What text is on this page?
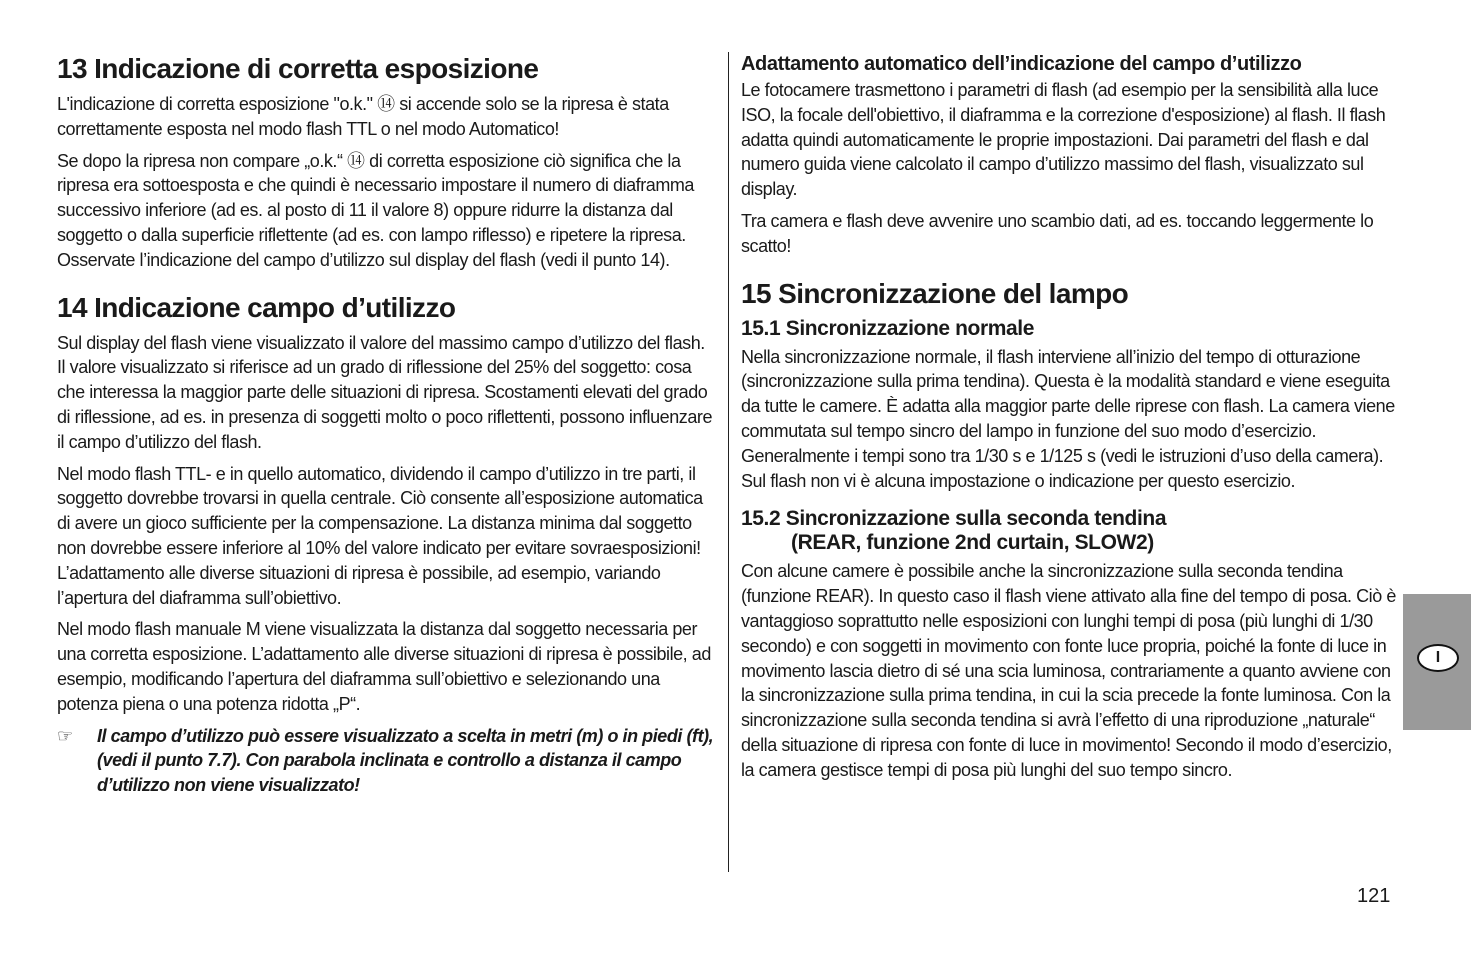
13 Indicazione di corretta esposizione

L'indicazione di corretta esposizione "o.k." ⑭ si accende solo se la ripresa è stata correttamente esposta nel modo flash TTL o nel modo Automatico!

Se dopo la ripresa non compare „o.k.“ ⑭ di corretta esposizione ciò significa che la ripresa era sottoesposta e che quindi è necessario impostare il numero di diaframma successivo inferiore (ad es. al posto di 11 il valore 8) oppure ridurre la distanza dal soggetto o dalla superficie riflettente (ad es. con lampo riflesso) e ripetere la ripresa. Osservate l’indicazione del campo d’utilizzo sul display del flash (vedi il punto 14).

14 Indicazione campo d’utilizzo

Sul display del flash viene visualizzato il valore del massimo campo d’utilizzo del flash. Il valore visualizzato si riferisce ad un grado di riflessione del 25% del soggetto: cosa che interessa la maggior parte delle situazioni di ripresa. Scostamenti elevati del grado di riflessione, ad es. in presenza di soggetti molto o poco riflettenti, possono influenzare il campo d’utilizzo del flash.

Nel modo flash TTL- e in quello automatico, dividendo il campo d’utilizzo in tre parti, il soggetto dovrebbe trovarsi in quella centrale. Ciò consente all’esposizione automatica di avere un gioco sufficiente per la compensazione. La distanza minima dal soggetto non dovrebbe essere inferiore al 10% del valore indicato per evitare sovraesposizioni! L’adattamento alle diverse situazioni di ripresa è possibile, ad esempio, variando l’apertura del diaframma sull’obiettivo.

Nel modo flash manuale M viene visualizzata la distanza dal soggetto necessaria per una corretta esposizione. L’adattamento alle diverse situazioni di ripresa è possibile, ad esempio, modificando l’apertura del diaframma sull’obiettivo e selezionando una potenza piena o una potenza ridotta „P“.

☞	Il campo d’utilizzo può essere visualizzato a scelta in metri (m) o in piedi (ft), (vedi il punto 7.7). Con parabola inclinata e controllo a distanza il campo d’utilizzo non viene visualizzato!
Adattamento automatico dell’indicazione del campo d’utilizzo

Le fotocamere trasmettono i parametri di flash (ad esempio per la sensibilità alla luce ISO, la focale dell'obiettivo, il diaframma e la correzione d'esposizione) al flash. Il flash adatta quindi automaticamente le proprie impostazioni. Dai parametri del flash e dal numero guida viene calcolato il campo d’utilizzo massimo del flash, visualizzato sul display.

Tra camera e flash deve avvenire uno scambio dati, ad es. toccando leggermente lo scatto!

15 Sincronizzazione del lampo
15.1 Sincronizzazione normale

Nella sincronizzazione normale, il flash interviene all’inizio del tempo di otturazione (sincronizzazione sulla prima tendina). Questa è la modalità standard e viene eseguita da tutte le camere. È adatta alla maggior parte delle riprese con flash. La camera viene commutata sul tempo sincro del lampo in funzione del suo modo d’esercizio. Generalmente i tempi sono tra 1/30 s e 1/125 s (vedi le istruzioni d’uso della camera). Sul flash non vi è alcuna impostazione o indicazione per questo esercizio.

15.2 Sincronizzazione sulla seconda tendina
(REAR, funzione 2nd curtain, SLOW2)

Con alcune camere è possibile anche la sincronizzazione sulla seconda tendina (funzione REAR). In questo caso il flash viene attivato alla fine del tempo di posa. Ciò è vantaggioso soprattutto nelle esposizioni con lunghi tempi di posa (più lunghi di 1/30 secondo) e con soggetti in movimento con fonte luce propria, poiché la fonte di luce in movimento lascia dietro di sé una scia luminosa, contrariamente a quanto avviene con la sincronizzazione sulla prima tendina, in cui la scia precede la fonte luminosa. Con la sincronizzazione sulla seconda tendina si avrà l’effetto di una riproduzione „naturale“ della situazione di ripresa con fonte di luce in movimento! Secondo il modo d’esercizio, la camera gestisce tempi di posa più lunghi del suo tempo sincro.

I
121
